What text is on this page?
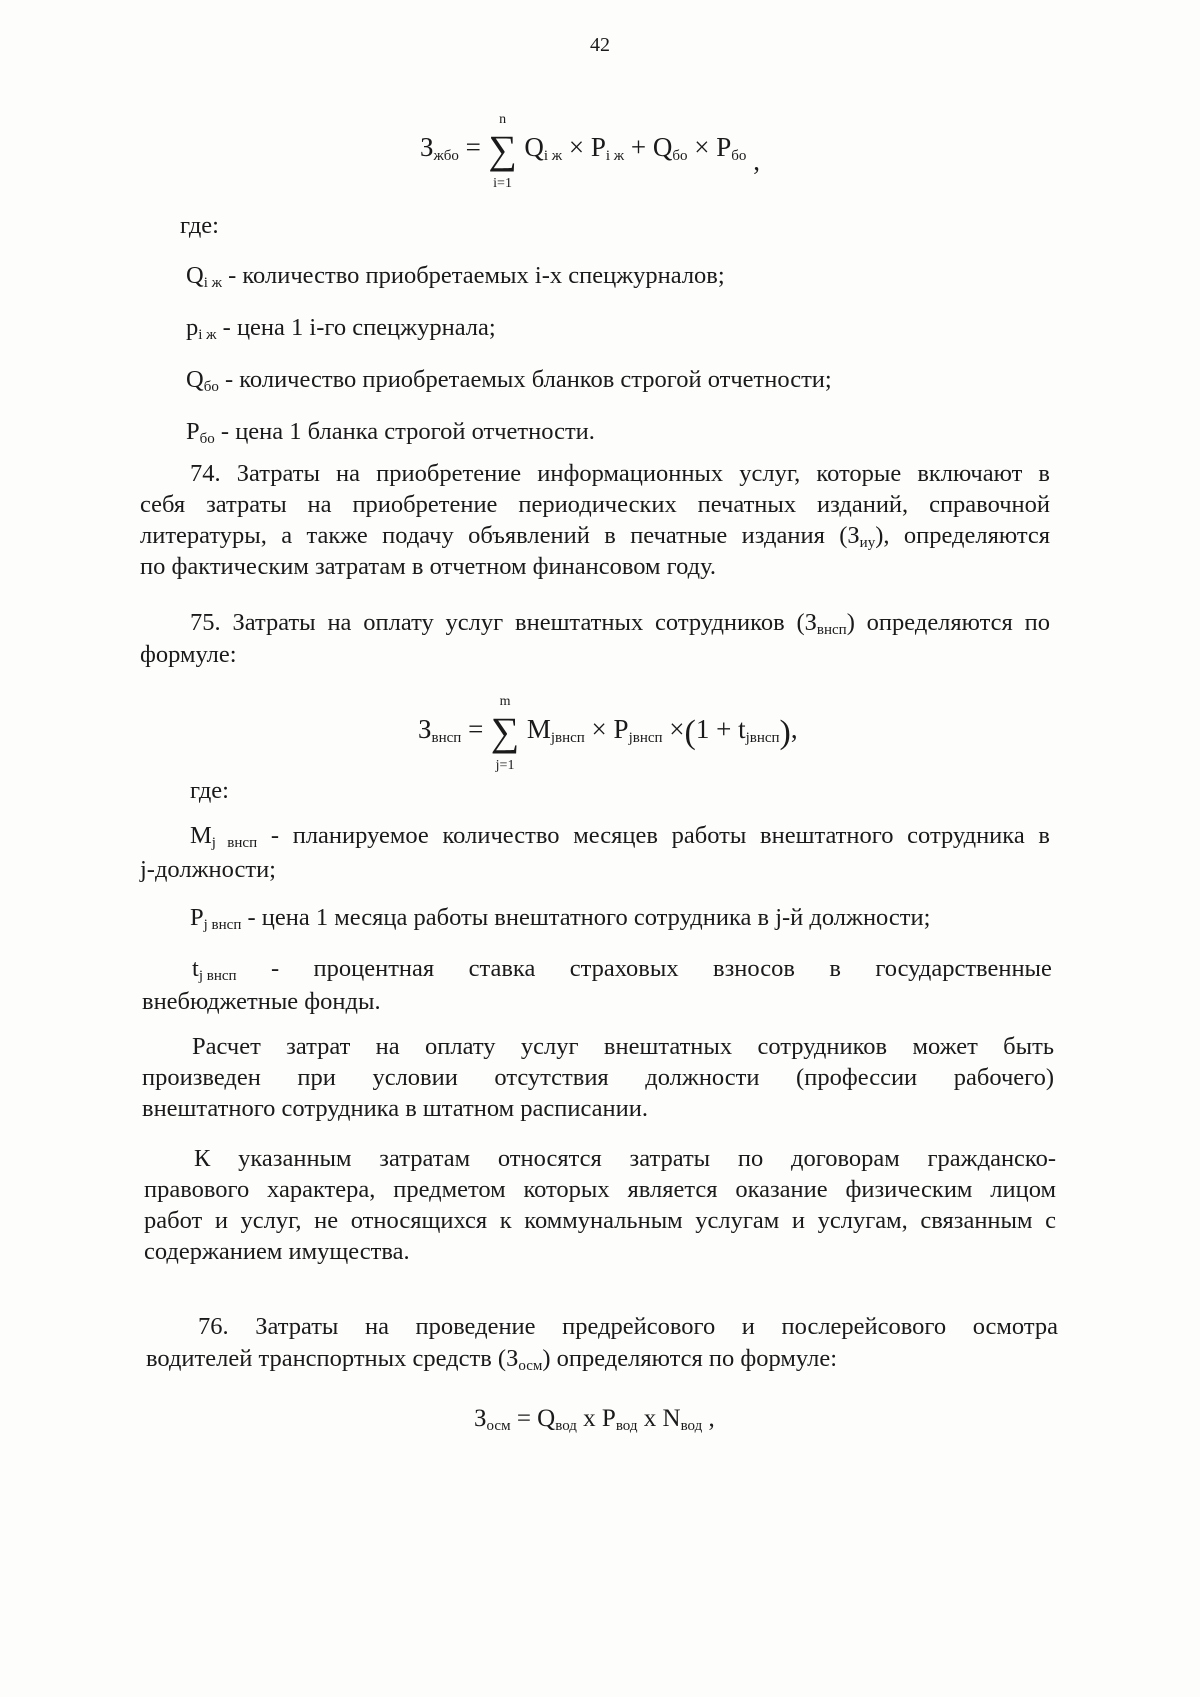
42
Зжбо =
n
∑
i=1
Qi ж × Pi ж + Qбо × Pбо ,
где:
Qi ж - количество приобретаемых i-х спецжурналов;
pi ж - цена 1 i-го спецжурнала;
Qбо - количество приобретаемых бланков строгой отчетности;
Pбо - цена 1 бланка строгой отчетности.
74. Затраты на приобретение информационных услуг, которые включают в
себя затраты на приобретение периодических печатных изданий, справочной
литературы, а также подачу объявлений в печатные издания (Зиу), определяются
по фактическим затратам в отчетном финансовом году.
75. Затраты на оплату услуг внештатных сотрудников (Звнсп) определяются по
формуле:
Звнсп =
m
∑
j=1
Mjвнсп × Pjвнсп ×(1 + tjвнсп),
где:
Mj внсп - планируемое количество месяцев работы внештатного сотрудника в
j-должности;
Pj внсп - цена 1 месяца работы внештатного сотрудника в j-й должности;
tj внсп - процентная ставка страховых взносов в государственные
внебюджетные фонды.
Расчет затрат на оплату услуг внештатных сотрудников может быть
произведен при условии отсутствия должности (профессии рабочего)
внештатного сотрудника в штатном расписании.
К указанным затратам относятся затраты по договорам гражданско-
правового характера, предметом которых является оказание физическим лицом
работ и услуг, не относящихся к коммунальным услугам и услугам, связанным с
содержанием имущества.
76. Затраты на проведение предрейсового и послерейсового осмотра
водителей транспортных средств (Зосм) определяются по формуле:
Зосм = Qвод x Pвод x Nвод ,
